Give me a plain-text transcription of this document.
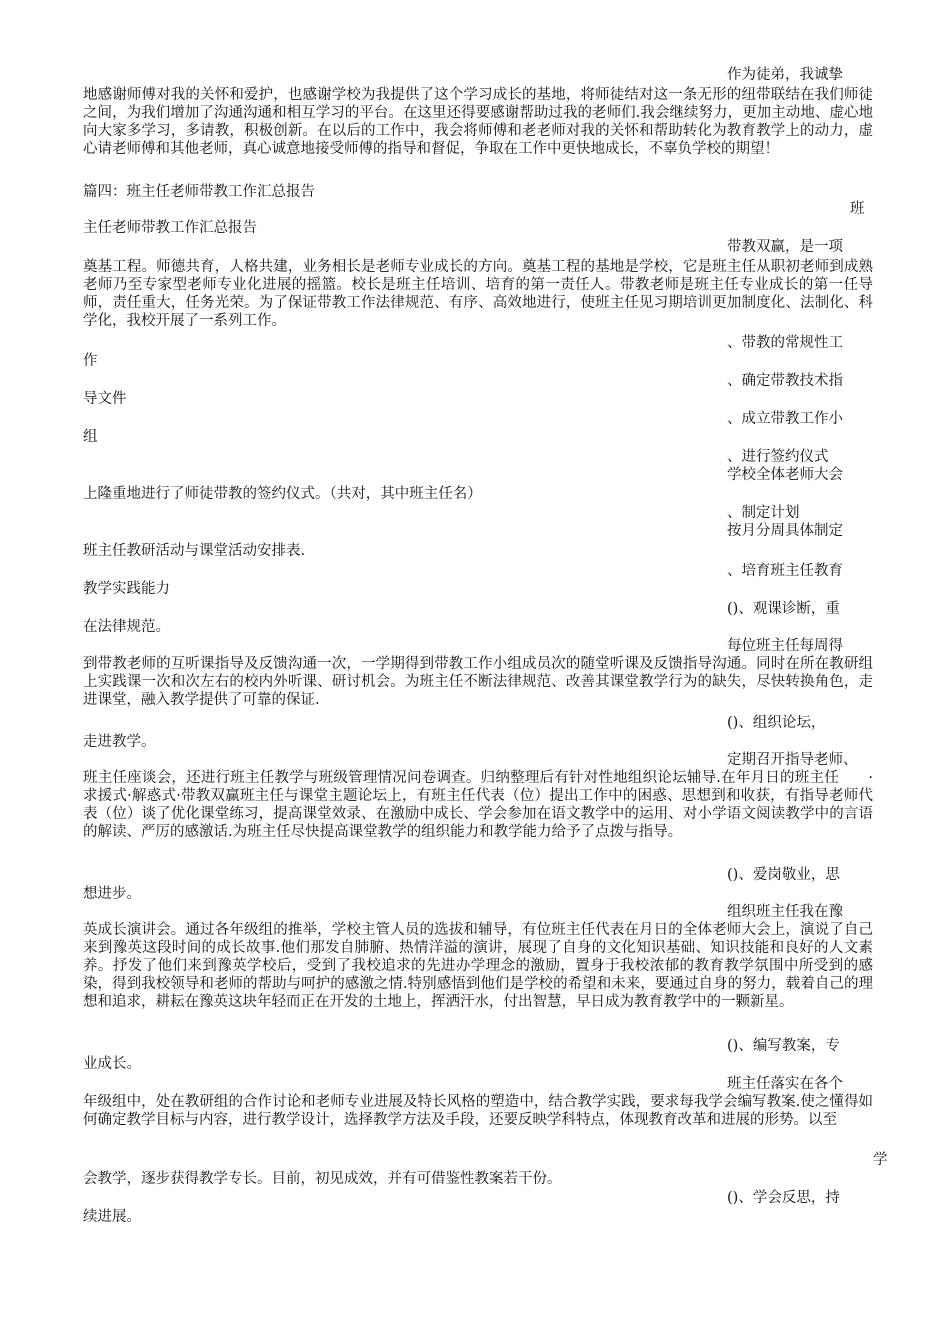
作为徒弟，我诚挚
地感谢师傅对我的关怀和爱护，也感谢学校为我提供了这个学习成长的基地，将师徒结对这一条无形的纽带联结在我们师徒之间，为我们增加了沟通沟通和相互学习的平台。在这里还得要感谢帮助过我的老师们.我会继续努力，更加主动地、虚心地向大家多学习，多请教，积极创新。在以后的工作中，我会将师傅和老老师对我的关怀和帮助转化为教育教学上的动力，虚心请老师傅和其他老师，真心诚意地接受师傅的指导和督促，争取在工作中更快地成长，不辜负学校的期望！
篇四：班主任老师带教工作汇总报告
班
主任老师带教工作汇总报告
带教双赢，是一项
奠基工程。师德共育，人格共建，业务相长是老师专业成长的方向。奠基工程的基地是学校，它是班主任从职初老师到成熟老师乃至专家型老师专业化进展的摇篮。校长是班主任培训、培育的第一责任人。带教老师是班主任专业成长的第一任导师，责任重大，任务光荣。为了保证带教工作法律规范、有序、高效地进行，使班主任见习期培训更加制度化、法制化、科学化，我校开展了一系列工作。
、带教的常规性工
作
、确定带教技术指
导文件
、成立带教工作小
组
、进行签约仪式
学校全体老师大会
上隆重地进行了师徒带教的签约仪式。（共对，其中班主任名）
、制定计划
按月分周具体制定
班主任教研活动与课堂活动安排表.
、培育班主任教育
教学实践能力
()、观课诊断，重
在法律规范。
每位班主任每周得
到带教老师的互听课指导及反馈沟通一次，一学期得到带教工作小组成员次的随堂听课及反馈指导沟通。同时在所在教研组上实践课一次和次左右的校内外听课、研讨机会。为班主任不断法律规范、改善其课堂教学行为的缺失，尽快转换角色，走进课堂，融入教学提供了可靠的保证.
()、组织论坛，
走进教学。
定期召开指导老师、
班主任座谈会，还进行班主任教学与班级管理情况问卷调查。归纳整理后有针对性地组织论坛辅导.在年月日的班主任　　·　求援式·解惑式·带教双赢班主任与课堂主题论坛上，有班主任代表（位）提出工作中的困惑、思想到和收获，有指导老师代表（位）谈了优化课堂练习，提高课堂效录、在激励中成长、学会参加在语文教学中的运用、对小学语文阅读教学中的言语的解读、严厉的感激话.为班主任尽快提高课堂教学的组织能力和教学能力给予了点拨与指导。
()、爱岗敬业，思
想进步。
组织班主任我在豫
英成长演讲会。通过各年级组的推举，学校主管人员的选拔和辅导，有位班主任代表在月日的全体老师大会上，演说了自己来到豫英这段时间的成长故事.他们那发自肺腑、热情洋溢的演讲，展现了自身的文化知识基础、知识技能和良好的人文素养。抒发了他们来到豫英学校后，受到了我校追求的先进办学理念的激励，置身于我校浓郁的教育教学氛围中所受到的感染，得到我校领导和老师的帮助与呵护的感激之情.特别感悟到他们是学校的希望和未来，要通过自身的努力，载着自己的理想和追求，耕耘在豫英这块年轻而正在开发的土地上，挥洒汗水，付出智慧，早日成为教育教学中的一颗新星。
()、编写教案，专
业成长。
班主任落实在各个
年级组中，处在教研组的合作讨论和老师专业进展及特长风格的塑造中，结合教学实践，要求每我学会编写教案.使之懂得如何确定教学目标与内容，进行教学设计，选择教学方法及手段，还要反映学科特点，体现教育改革和进展的形势。以至
学
会教学，逐步获得教学专长。目前，初见成效，并有可借鉴性教案若干份。
()、学会反思，持
续进展。
